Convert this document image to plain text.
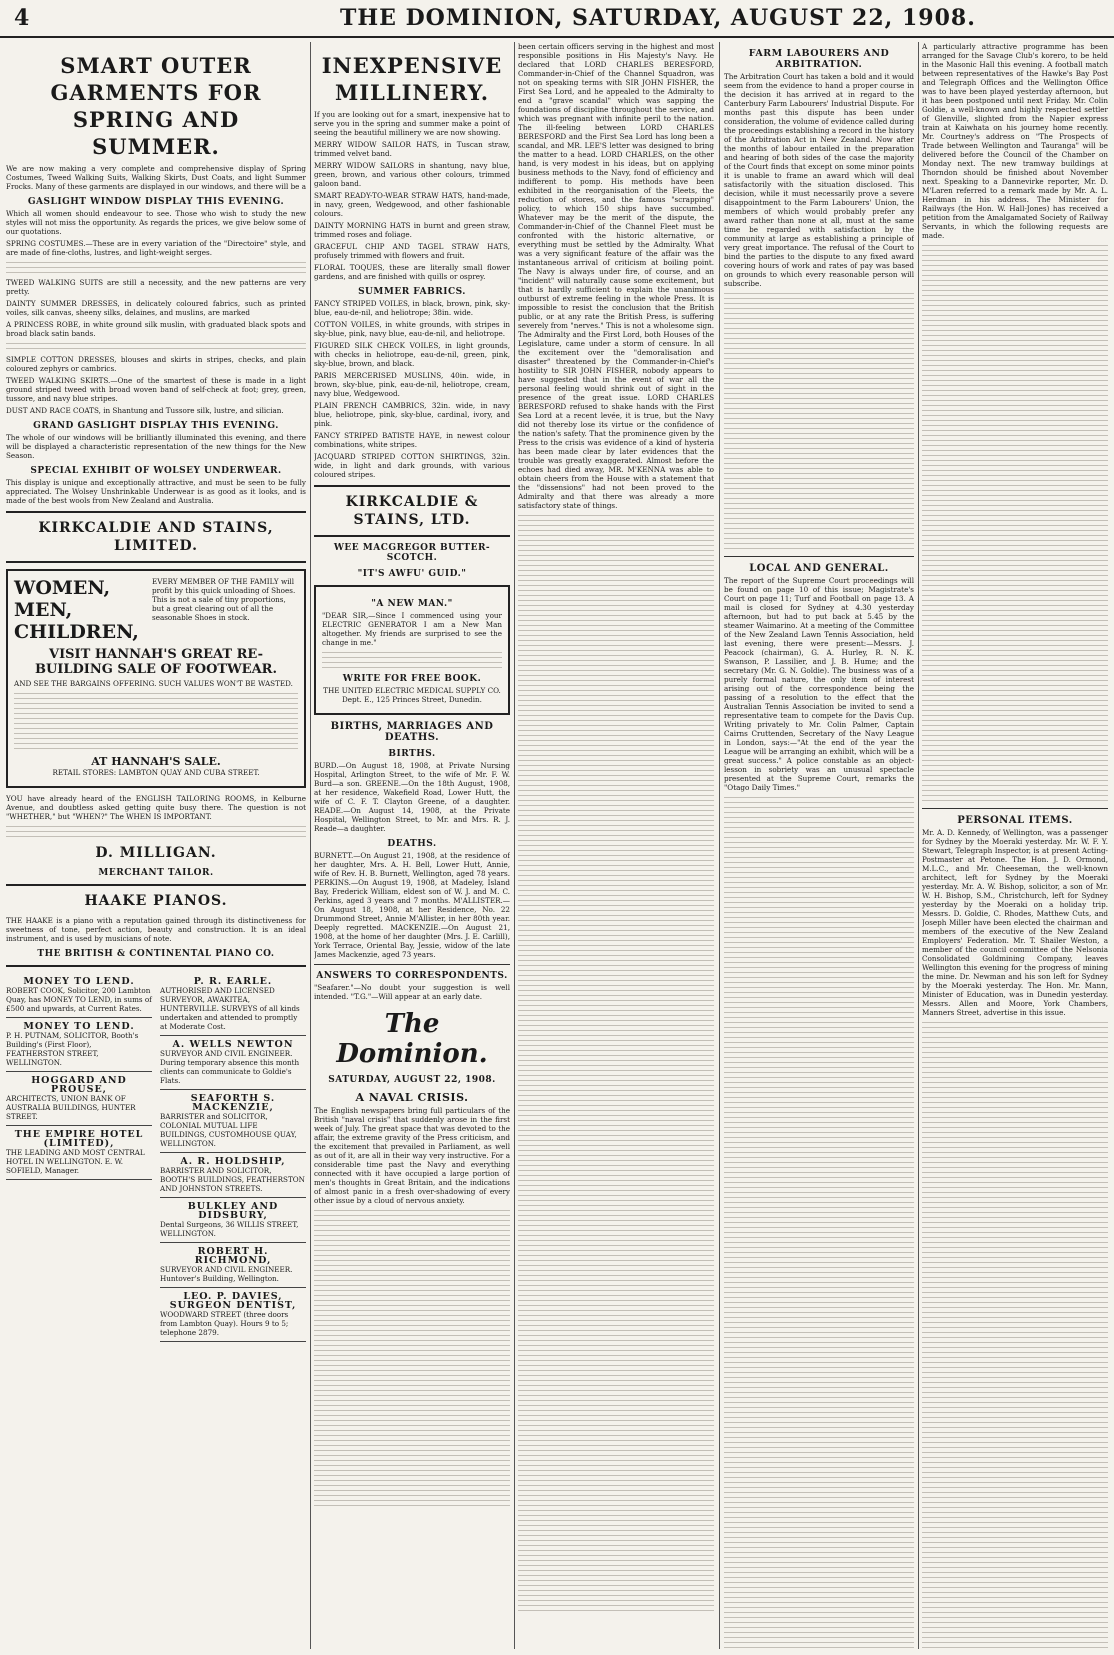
4	THE DOMINION, SATURDAY, AUGUST 22, 1908.
SMART OUTER GARMENTS FOR SPRING AND SUMMER.

We are now making a very complete and comprehensive display of Spring Costumes, Tweed Walking Suits, Walking Skirts, Dust Coats, and light Summer Frocks. Many of these garments are displayed in our windows, and there will be a

GASLIGHT WINDOW DISPLAY THIS EVENING.

Which all women should endeavour to see. Those who wish to study the new styles will not miss the opportunity. As regards the prices, we give below some of our quotations.

SPRING COSTUMES.—These are in every variation of the "Directoire" style, and are made of fine-cloths, lustres, and light-weight serges.

TWEED WALKING SUITS are still a necessity, and the new patterns are very pretty.

DAINTY SUMMER DRESSES, in delicately coloured fabrics, such as printed voiles, silk canvas, sheeny silks, delaines, and muslins, are marked

A PRINCESS ROBE, in white ground silk muslin, with graduated black spots and broad black satin bands.

SIMPLE COTTON DRESSES, blouses and skirts in stripes, checks, and plain coloured zephyrs or cambrics.

TWEED WALKING SKIRTS.—One of the smartest of these is made in a light ground striped tweed with broad woven band of self-check at foot; grey, green, tussore, and navy blue stripes.

DUST AND RACE COATS, in Shantung and Tussore silk, lustre, and silician.

GRAND GASLIGHT DISPLAY THIS EVENING.

The whole of our windows will be brilliantly illuminated this evening, and there will be displayed a characteristic representation of the new things for the New Season.

SPECIAL EXHIBIT OF WOLSEY UNDERWEAR.

This display is unique and exceptionally attractive, and must be seen to be fully appreciated. The Wolsey Unshrinkable Underwear is as good as it looks, and is made of the best wools from New Zealand and Australia.

KIRKCALDIE AND STAINS, LIMITED.
WOMEN, MEN, CHILDREN,
EVERY MEMBER OF THE FAMILY will profit by this quick unloading of Shoes. This is not a sale of tiny proportions, but a great clearing out of all the seasonable Shoes in stock.
VISIT HANNAH'S GREAT RE-BUILDING SALE OF FOOTWEAR.

AND SEE THE BARGAINS OFFERING. SUCH VALUES WON'T BE WASTED.

AT HANNAH'S SALE.

RETAIL STORES: LAMBTON QUAY AND CUBA STREET.

YOU have already heard of the ENGLISH TAILORING ROOMS, in Kelburne Avenue, and doubtless asked getting quite busy there. The question is not "WHETHER," but "WHEN?" The WHEN IS IMPORTANT.

D. MILLIGAN.
MERCHANT TAILOR.
HAAKE PIANOS.

THE HAAKE is a piano with a reputation gained through its distinctiveness for sweetness of tone, perfect action, beauty and construction. It is an ideal instrument, and is used by musicians of note.

THE BRITISH & CONTINENTAL PIANO CO.
MONEY TO LEND.
ROBERT COOK, Solicitor, 200 Lambton Quay, has MONEY TO LEND, in sums of £500 and upwards, at Current Rates.
MONEY TO LEND.
P. H. PUTNAM, SOLICITOR, Booth's Building's (First Floor), FEATHERSTON STREET, WELLINGTON.
HOGGARD AND PROUSE,
ARCHITECTS, UNION BANK OF AUSTRALIA BUILDINGS, HUNTER STREET.
THE EMPIRE HOTEL (LIMITED),
THE LEADING AND MOST CENTRAL HOTEL IN WELLINGTON. E. W. SOFIELD, Manager.
P. R. EARLE.
AUTHORISED AND LICENSED SURVEYOR, AWAKITEA, HUNTERVILLE. SURVEYS of all kinds undertaken and attended to promptly at Moderate Cost.
A. WELLS NEWTON
SURVEYOR AND CIVIL ENGINEER. During temporary absence this month clients can communicate to Goldie's Flats.
SEAFORTH S. MACKENZIE,
BARRISTER and SOLICITOR, COLONIAL MUTUAL LIFE BUILDINGS, CUSTOMHOUSE QUAY, WELLINGTON.
A. R. HOLDSHIP,
BARRISTER AND SOLICITOR, BOOTH'S BUILDINGS, FEATHERSTON AND JOHNSTON STREETS.
BULKLEY AND DIDSBURY,
Dental Surgeons, 36 WILLIS STREET, WELLINGTON.
ROBERT H. RICHMOND,
SURVEYOR AND CIVIL ENGINEER. Huntover's Building, Wellington.
LEO. P. DAVIES, SURGEON DENTIST,
WOODWARD STREET (three doors from Lambton Quay). Hours 9 to 5; telephone 2879.
INEXPENSIVE MILLINERY.

If you are looking out for a smart, inexpensive hat to serve you in the spring and summer make a point of seeing the beautiful millinery we are now showing.

MERRY WIDOW SAILOR HATS, in Tuscan straw, trimmed velvet band.

MERRY WIDOW SAILORS in shantung, navy blue, green, brown, and various other colours, trimmed galoon band.

SMART READY-TO-WEAR STRAW HATS, hand-made, in navy, green, Wedgewood, and other fashionable colours.

DAINTY MORNING HATS in burnt and green straw, trimmed roses and foliage.

GRACEFUL CHIP AND TAGEL STRAW HATS, profusely trimmed with flowers and fruit.

FLORAL TOQUES, these are literally small flower gardens, and are finished with quills or osprey.

SUMMER FABRICS.

FANCY STRIPED VOILES, in black, brown, pink, sky-blue, eau-de-nil, and heliotrope; 38in. wide.

COTTON VOILES, in white grounds, with stripes in sky-blue, pink, navy blue, eau-de-nil, and heliotrope.

FIGURED SILK CHECK VOILES, in light grounds, with checks in heliotrope, eau-de-nil, green, pink, sky-blue, brown, and black.

PARIS MERCERISED MUSLINS, 40in. wide, in brown, sky-blue, pink, eau-de-nil, heliotrope, cream, navy blue, Wedgewood.

PLAIN FRENCH CAMBRICS, 32in. wide, in navy blue, heliotrope, pink, sky-blue, cardinal, ivory, and pink.

FANCY STRIPED BATISTE HAYE, in newest colour combinations, white stripes.

JACQUARD STRIPED COTTON SHIRTINGS, 32in. wide, in light and dark grounds, with various coloured stripes.

KIRKCALDIE & STAINS, LTD.
WEE MACGREGOR BUTTER-SCOTCH.
"IT'S AWFU' GUID."
"A NEW MAN."

"DEAR SIR,—Since I commenced using your ELECTRIC GENERATOR I am a New Man altogether. My friends are surprised to see the change in me."

WRITE FOR FREE BOOK.

THE UNITED ELECTRIC MEDICAL SUPPLY CO. Dept. E., 125 Princes Street, Dunedin.

BIRTHS, MARRIAGES AND DEATHS.
BIRTHS.

BURD.—On August 18, 1908, at Private Nursing Hospital, Arlington Street, to the wife of Mr. F. W. Burd—a son. GREENE.—On the 18th August, 1908, at her residence, Wakefield Road, Lower Hutt, the wife of C. F. T. Clayton Greene, of a daughter. READE.—On August 14, 1908, at the Private Hospital, Wellington Street, to Mr. and Mrs. R. J. Reade—a daughter.

DEATHS.

BURNETT.—On August 21, 1908, at the residence of her daughter, Mrs. A. H. Bell, Lower Hutt, Annie, wife of Rev. H. B. Burnett, Wellington, aged 78 years. PERKINS.—On August 19, 1908, at Madeley, Island Bay, Frederick William, eldest son of W. J. and M. C. Perkins, aged 3 years and 7 months. M'ALLISTER.—On August 18, 1908, at her Residence, No. 22 Drummond Street, Annie M'Allister, in her 80th year. Deeply regretted. MACKENZIE.—On August 21, 1908, at the home of her daughter (Mrs. J. E. Carlill), York Terrace, Oriental Bay, Jessie, widow of the late James Mackenzie, aged 73 years.

ANSWERS TO CORRESPONDENTS.

"Seafarer."—No doubt your suggestion is well intended. "T.G."—Will appear at an early date.

The Dominion.
SATURDAY, AUGUST 22, 1908.
A NAVAL CRISIS.

The English newspapers bring full particulars of the British "naval crisis" that suddenly arose in the first week of July. The great space that was devoted to the affair, the extreme gravity of the Press criticism, and the excitement that prevailed in Parliament, as well as out of it, are all in their way very instructive. For a considerable time past the Navy and everything connected with it have occupied a large portion of men's thoughts in Great Britain, and the indications of almost panic in a fresh over-shadowing of every other issue by a cloud of nervous anxiety.

been certain officers serving in the highest and most responsible positions in His Majesty's Navy. He declared that LORD CHARLES BERESFORD, Commander-in-Chief of the Channel Squadron, was not on speaking terms with SIR JOHN FISHER, the First Sea Lord, and he appealed to the Admiralty to end a "grave scandal" which was sapping the foundations of discipline throughout the service, and which was pregnant with infinite peril to the nation. The ill-feeling between LORD CHARLES BERESFORD and the First Sea Lord has long been a scandal, and MR. LEE'S letter was designed to bring the matter to a head. LORD CHARLES, on the other hand, is very modest in his ideas, but on applying business methods to the Navy, fond of efficiency and indifferent to pomp. His methods have been exhibited in the reorganisation of the Fleets, the reduction of stores, and the famous "scrapping" policy, to which 150 ships have succumbed. Whatever may be the merit of the dispute, the Commander-in-Chief of the Channel Fleet must be confronted with the historic alternative, or everything must be settled by the Admiralty. What was a very significant feature of the affair was the instantaneous arrival of criticism at boiling point. The Navy is always under fire, of course, and an "incident" will naturally cause some excitement, but that is hardly sufficient to explain the unanimous outburst of extreme feeling in the whole Press. It is impossible to resist the conclusion that the British public, or at any rate the British Press, is suffering severely from "nerves." This is not a wholesome sign. The Admiralty and the First Lord, both Houses of the Legislature, came under a storm of censure. In all the excitement over the "demoralisation and disaster" threatened by the Commander-in-Chief's hostility to SIR JOHN FISHER, nobody appears to have suggested that in the event of war all the personal feeling would shrink out of sight in the presence of the great issue. LORD CHARLES BERESFORD refused to shake hands with the First Sea Lord at a recent levée, it is true, but the Navy did not thereby lose its virtue or the confidence of the nation's safety. That the prominence given by the Press to the crisis was evidence of a kind of hysteria has been made clear by later evidences that the trouble was greatly exaggerated. Almost before the echoes had died away, MR. M'KENNA was able to obtain cheers from the House with a statement that the "dissensions" had not been proved to the Admiralty and that there was already a more satisfactory state of things.

FARM LABOURERS AND ARBITRATION.

The Arbitration Court has taken a bold and it would seem from the evidence to hand a proper course in the decision it has arrived at in regard to the Canterbury Farm Labourers' Industrial Dispute. For months past this dispute has been under consideration, the volume of evidence called during the proceedings establishing a record in the history of the Arbitration Act in New Zealand. Now after the months of labour entailed in the preparation and hearing of both sides of the case the majority of the Court finds that except on some minor points it is unable to frame an award which will deal satisfactorily with the situation disclosed. This decision, while it must necessarily prove a severe disappointment to the Farm Labourers' Union, the members of which would probably prefer any award rather than none at all, must at the same time be regarded with satisfaction by the community at large as establishing a principle of very great importance. The refusal of the Court to bind the parties to the dispute to any fixed award covering hours of work and rates of pay was based on grounds to which every reasonable person will subscribe.

LOCAL AND GENERAL.

The report of the Supreme Court proceedings will be found on page 10 of this issue; Magistrate's Court on page 11; Turf and Football on page 13. A mail is closed for Sydney at 4.30 yesterday afternoon, but had to put back at 5.45 by the steamer Waimarino. At a meeting of the Committee of the New Zealand Lawn Tennis Association, held last evening, there were present:—Messrs. J. Peacock (chairman), G. A. Hurley, R. N. K. Swanson, P. Lassilier, and J. B. Hume; and the secretary (Mr. G. N. Goldie). The business was of a purely formal nature, the only item of interest arising out of the correspondence being the passing of a resolution to the effect that the Australian Tennis Association be invited to send a representative team to compete for the Davis Cup. Writing privately to Mr. Colin Palmer, Captain Cairns Cruttenden, Secretary of the Navy League in London, says:—"At the end of the year the League will be arranging an exhibit, which will be a great success." A police constable as an object-lesson in sobriety was an unusual spectacle presented at the Supreme Court, remarks the "Otago Daily Times."

A particularly attractive programme has been arranged for the Savage Club's korero, to be held in the Masonic Hall this evening. A football match between representatives of the Hawke's Bay Post and Telegraph Offices and the Wellington Office was to have been played yesterday afternoon, but it has been postponed until next Friday. Mr. Colin Goldie, a well-known and highly respected settler of Glenville, slighted from the Napier express train at Kaiwhata on his journey home recently. Mr. Courtney's address on "The Prospects of Trade between Wellington and Tauranga" will be delivered before the Council of the Chamber on Monday next. The new tramway buildings at Thorndon should be finished about November next. Speaking to a Dannevirke reporter, Mr. D. M'Laren referred to a remark made by Mr. A. L. Herdman in his address. The Minister for Railways (the Hon. W. Hall-Jones) has received a petition from the Amalgamated Society of Railway Servants, in which the following requests are made.

PERSONAL ITEMS.

Mr. A. D. Kennedy, of Wellington, was a passenger for Sydney by the Moeraki yesterday. Mr. W. F. Y. Stewart, Telegraph Inspector, is at present Acting-Postmaster at Petone. The Hon. J. D. Ormond, M.L.C., and Mr. Cheeseman, the well-known architect, left for Sydney by the Moeraki yesterday. Mr. A. W. Bishop, solicitor, a son of Mr. W. H. Bishop, S.M., Christchurch, left for Sydney yesterday by the Moeraki on a holiday trip. Messrs. D. Goldie, C. Rhodes, Matthew Cuts, and Joseph Miller have been elected the chairman and members of the executive of the New Zealand Employers' Federation. Mr. T. Shailer Weston, a member of the council committee of the Nelsonia Consolidated Goldmining Company, leaves Wellington this evening for the progress of mining the mine. Dr. Newman and his son left for Sydney by the Moeraki yesterday. The Hon. Mr. Mann, Minister of Education, was in Dunedin yesterday. Messrs. Allen and Moore, York Chambers, Manners Street, advertise in this issue.
